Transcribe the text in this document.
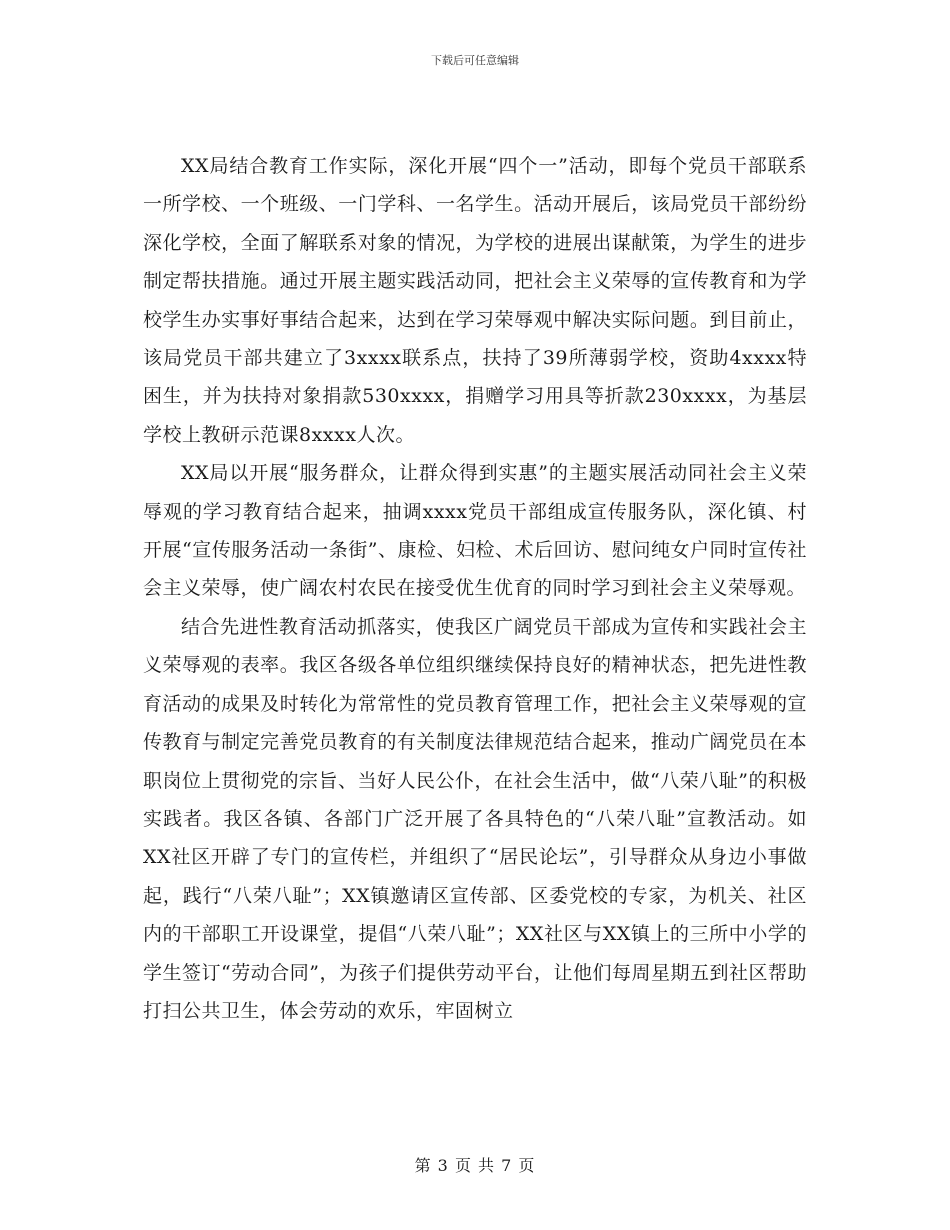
下载后可任意编辑

XX局结合教育工作实际，深化开展“四个一”活动，即每个党员干部联系一所学校、一个班级、一门学科、一名学生。活动开展后，该局党员干部纷纷深化学校，全面了解联系对象的情况，为学校的进展出谋献策，为学生的进步制定帮扶措施。通过开展主题实践活动同，把社会主义荣辱的宣传教育和为学校学生办实事好事结合起来，达到在学习荣辱观中解决实际问题。到目前止，该局党员干部共建立了3xxxx联系点，扶持了39所薄弱学校，资助4xxxx特困生，并为扶持对象捐款530xxxx，捐赠学习用具等折款230xxxx，为基层学校上教研示范课8xxxx人次。

XX局以开展“服务群众，让群众得到实惠”的主题实展活动同社会主义荣辱观的学习教育结合起来，抽调xxxx党员干部组成宣传服务队，深化镇、村开展“宣传服务活动一条街”、康检、妇检、术后回访、慰问纯女户同时宣传社会主义荣辱，使广阔农村农民在接受优生优育的同时学习到社会主义荣辱观。

结合先进性教育活动抓落实，使我区广阔党员干部成为宣传和实践社会主义荣辱观的表率。我区各级各单位组织继续保持良好的精神状态，把先进性教育活动的成果及时转化为常常性的党员教育管理工作，把社会主义荣辱观的宣传教育与制定完善党员教育的有关制度法律规范结合起来，推动广阔党员在本职岗位上贯彻党的宗旨、当好人民公仆，在社会生活中，做“八荣八耻”的积极实践者。我区各镇、各部门广泛开展了各具特色的“八荣八耻”宣教活动。如XX社区开辟了专门的宣传栏，并组织了“居民论坛”，引导群众从身边小事做起，践行“八荣八耻”；XX镇邀请区宣传部、区委党校的专家，为机关、社区内的干部职工开设课堂，提倡“八荣八耻”；XX社区与XX镇上的三所中小学的学生签订“劳动合同”，为孩子们提供劳动平台，让他们每周星期五到社区帮助打扫公共卫生，体会劳动的欢乐，牢固树立

第 3 页 共 7 页
